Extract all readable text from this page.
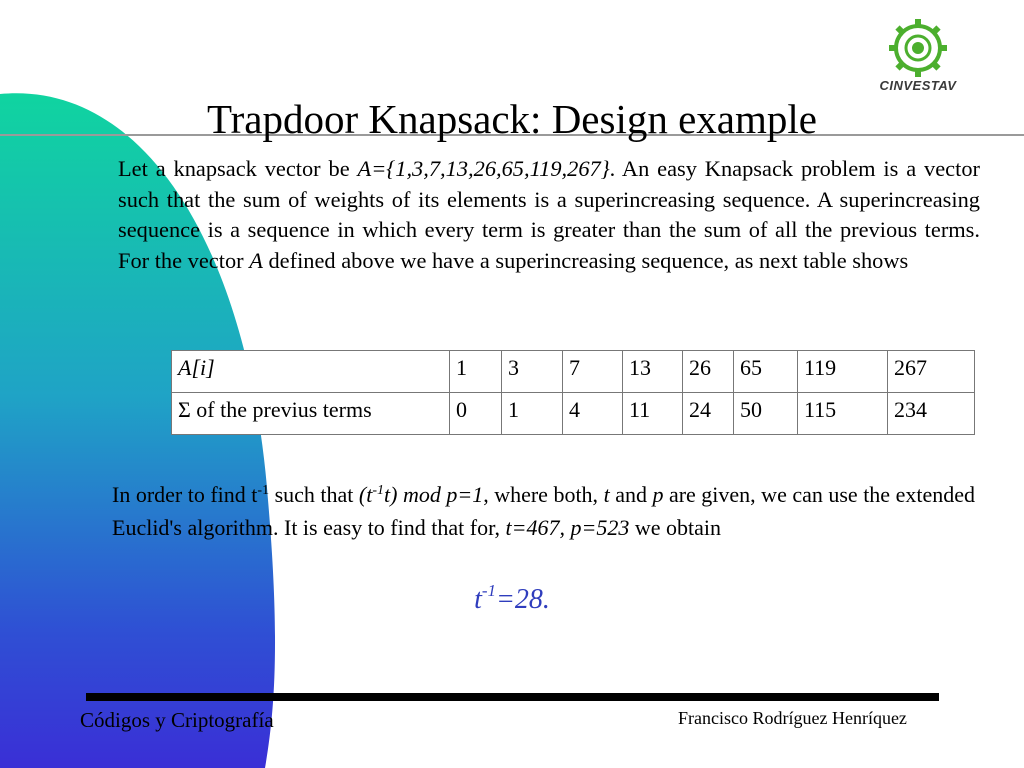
CINVESTAV
Trapdoor Knapsack: Design example
Let a knapsack vector be A={1,3,7,13,26,65,119,267}. An easy Knapsack problem is a vector such that the sum of weights of its elements is a superincreasing sequence. A superincreasing sequence is a sequence in which every term is greater than the sum of all the previous terms. For the vector A defined above we have a superincreasing sequence, as next table shows
A[i]	1	3	7	13	26	65	119	267
Σ of the previus terms	0	1	4	11	24	50	115	234
In order to find $t^{-1}$ such that $(t^{-1}t)$ mod p=1, where both, t and p are given, we can use the extended Euclid's algorithm. It is easy to find that for, t=467, p=523 we obtain
$t^{-1}=28$.
Códigos y Criptografía	Francisco Rodríguez Henríquez
